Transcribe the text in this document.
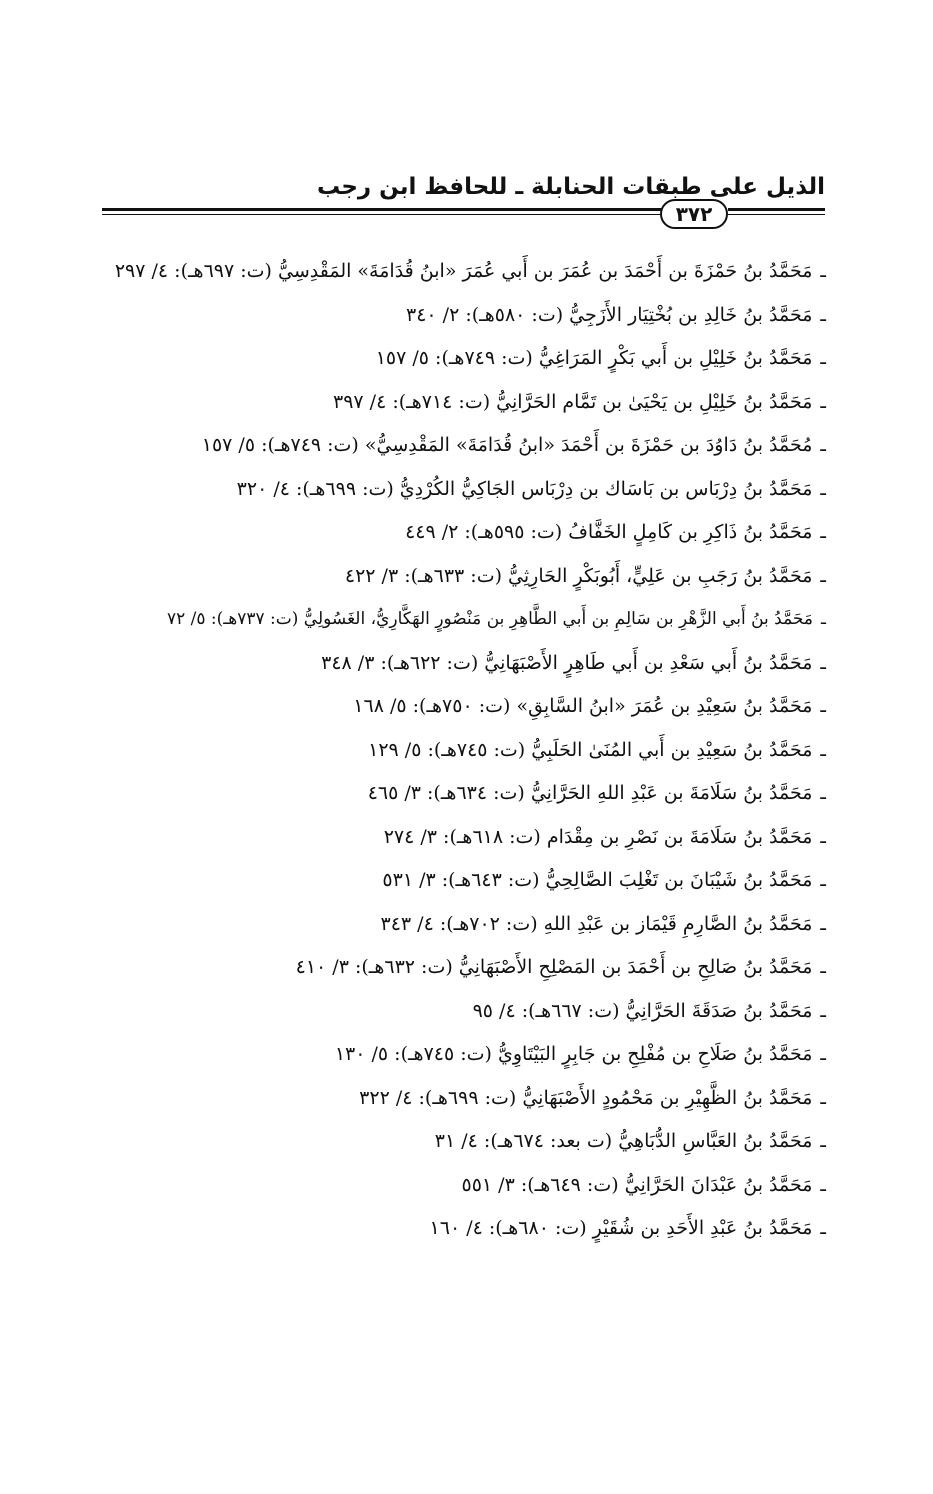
الذيل على طبقات الحنابلة ـ للحافظ ابن رجب
٣٧٢
ـمَحَمَّدُ بنُ حَمْزَةَ بن أَحْمَدَ بن عُمَرَ بن أَبي عُمَرَ «ابنُ قُدَامَةَ» المَقْدِسِيُّ (ت: ٦٩٧هـ): ٤/ ٢٩٧
ـمَحَمَّدُ بنُ خَالِدِ بن بُخْتِيَار الأَزَجِيُّ (ت: ٥٨٠هـ): ٢/ ٣٤٠
ـمَحَمَّدُ بنُ خَلِيْلِ بن أَبي بَكْرٍ المَرَاغِيُّ (ت: ٧٤٩هـ): ٥/ ١٥٧
ـمَحَمَّدُ بنُ خَلِيْلِ بن يَحْيَىٰ بن تَمَّام الحَرَّانِيُّ (ت: ٧١٤هـ): ٤/ ٣٩٧
ـمُحَمَّدُ بنُ دَاوُدَ بن حَمْزَةَ بن أَحْمَدَ «ابنُ قُدَامَةَ» المَقْدِسِيُّ» (ت: ٧٤٩هـ): ٥/ ١٥٧
ـمَحَمَّدُ بنُ دِرْبَاس بن بَاسَاك بن دِرْبَاس الجَاكِيُّ الكُرْدِيُّ (ت: ٦٩٩هـ): ٤/ ٣٢٠
ـمَحَمَّدُ بنُ ذَاكِرِ بن كَامِلٍ الخَفَّافُ (ت: ٥٩٥هـ): ٢/ ٤٤٩
ـمَحَمَّدُ بنُ رَجَبِ بن عَلِيٍّ، أَبُوبَكْرٍ الحَارِثِيُّ (ت: ٦٣٣هـ): ٣/ ٤٢٢
ـمَحَمَّدُ بنُ أَبي الزَّهْرِ بن سَالِمِ بن أَبي الطَّاهِرِ بن مَنْصُورٍ الهَكَّارِيُّ، الغَسُولِيُّ (ت: ٧٣٧هـ): ٥/ ٧٢
ـمَحَمَّدُ بنُ أَبي سَعْدِ بن أَبي طَاهِرٍ الأَصْبَهَانِيُّ (ت: ٦٢٢هـ): ٣/ ٣٤٨
ـمَحَمَّدُ بنُ سَعِيْدِ بن عُمَرَ «ابنُ السَّابِقِ» (ت: ٧٥٠هـ): ٥/ ١٦٨
ـمَحَمَّدُ بنُ سَعِيْدِ بن أَبي المُنَىٰ الحَلَبِيُّ (ت: ٧٤٥هـ): ٥/ ١٢٩
ـمَحَمَّدُ بنُ سَلَامَةَ بن عَبْدِ اللهِ الحَرَّانِيُّ (ت: ٦٣٤هـ): ٣/ ٤٦٥
ـمَحَمَّدُ بنُ سَلَامَةَ بن نَصْرِ بن مِقْدَام (ت: ٦١٨هـ): ٣/ ٢٧٤
ـمَحَمَّدُ بنُ شَيْبَانَ بن تَغْلِبَ الصَّالِحِيُّ (ت: ٦٤٣هـ): ٣/ ٥٣١
ـمَحَمَّدُ بنُ الصَّارِمِ قَيْمَاز بن عَبْدِ اللهِ (ت: ٧٠٢هـ): ٤/ ٣٤٣
ـمَحَمَّدُ بنُ صَالِحِ بن أَحْمَدَ بن المَصْلِحِ الأَصْبَهَانِيُّ (ت: ٦٣٢هـ): ٣/ ٤١٠
ـمَحَمَّدُ بنُ صَدَقَةَ الحَرَّانِيُّ (ت: ٦٦٧هـ): ٤/ ٩٥
ـمَحَمَّدُ بنُ صَلَاحِ بن مُفْلِحِ بن جَابِرٍ البَيْتَاوِيُّ (ت: ٧٤٥هـ): ٥/ ١٣٠
ـمَحَمَّدُ بنُ الظَّهِيْرِ بن مَحْمُودٍ الأَصْبَهَانِيُّ (ت: ٦٩٩هـ): ٤/ ٣٢٢
ـمَحَمَّدُ بنُ العَبَّاسِ الدُّبَاهِيُّ (ت بعد: ٦٧٤هـ): ٤/ ٣١
ـمَحَمَّدُ بنُ عَبْدَانَ الحَرَّانِيُّ (ت: ٦٤٩هـ): ٣/ ٥٥١
ـمَحَمَّدُ بنُ عَبْدِ الأَحَدِ بن شُقَيْرٍ (ت: ٦٨٠هـ): ٤/ ١٦٠
